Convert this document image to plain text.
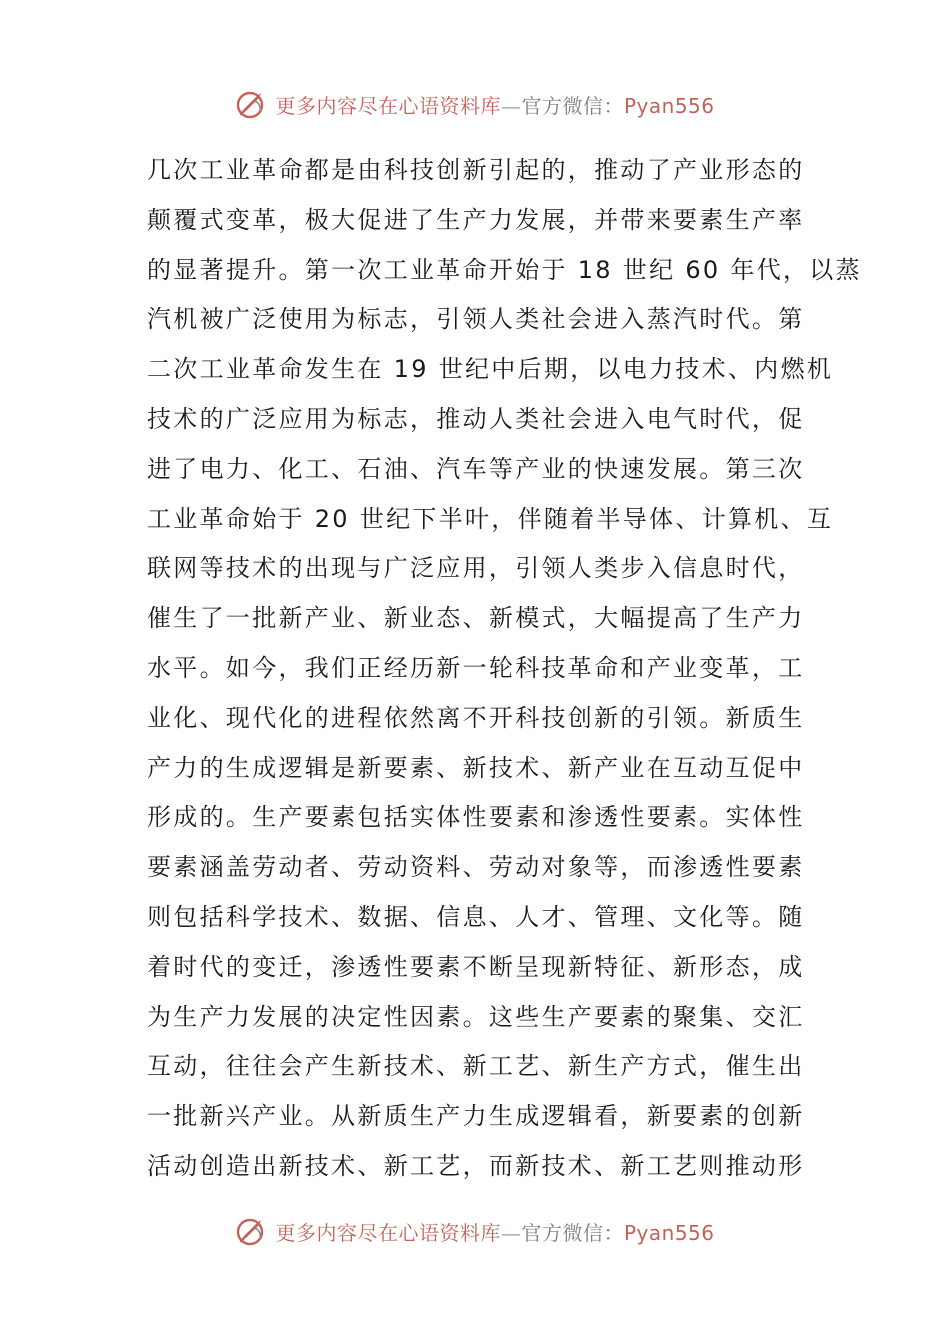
更多内容尽在心语资料库—官方微信：Pyan556
几次工业革命都是由科技创新引起的，推动了产业形态的
颠覆式变革，极大促进了生产力发展，并带来要素生产率
的显著提升。第一次工业革命开始于 18 世纪 60 年代，以蒸
汽机被广泛使用为标志，引领人类社会进入蒸汽时代。第
二次工业革命发生在 19 世纪中后期，以电力技术、内燃机
技术的广泛应用为标志，推动人类社会进入电气时代，促
进了电力、化工、石油、汽车等产业的快速发展。第三次
工业革命始于 20 世纪下半叶，伴随着半导体、计算机、互
联网等技术的出现与广泛应用，引领人类步入信息时代，
催生了一批新产业、新业态、新模式，大幅提高了生产力
水平。如今，我们正经历新一轮科技革命和产业变革，工
业化、现代化的进程依然离不开科技创新的引领。新质生
产力的生成逻辑是新要素、新技术、新产业在互动互促中
形成的。生产要素包括实体性要素和渗透性要素。实体性
要素涵盖劳动者、劳动资料、劳动对象等，而渗透性要素
则包括科学技术、数据、信息、人才、管理、文化等。随
着时代的变迁，渗透性要素不断呈现新特征、新形态，成
为生产力发展的决定性因素。这些生产要素的聚集、交汇
互动，往往会产生新技术、新工艺、新生产方式，催生出
一批新兴产业。从新质生产力生成逻辑看，新要素的创新
活动创造出新技术、新工艺，而新技术、新工艺则推动形
更多内容尽在心语资料库—官方微信：Pyan556
